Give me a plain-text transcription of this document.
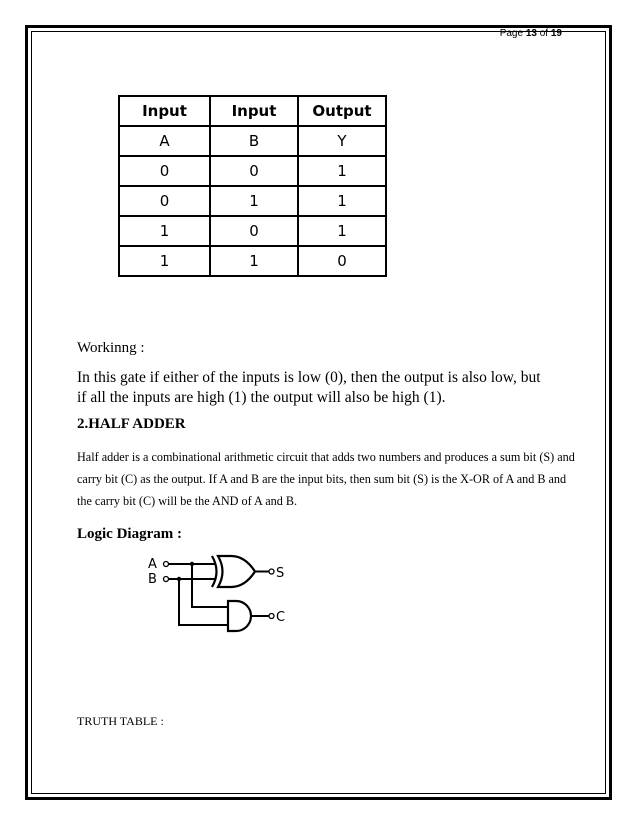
Page 13 of 19
Input	Input	Output
A	B	Y
0	0	1
0	1	1
1	0	1
1	1	0
Workinng :
In this gate if either of the inputs is low (0), then the output is also low, but if all the inputs are high (1) the output will also be high (1).
2.HALF ADDER
Half adder is a combinational arithmetic circuit that adds two numbers and produces a sum bit (S) and carry bit (C) as the output. If A and B are the input bits, then sum bit (S) is the X-OR of A and B and the carry bit (C) will be the AND of A and B.
Logic Diagram :
A
B	S
C
TRUTH TABLE :
